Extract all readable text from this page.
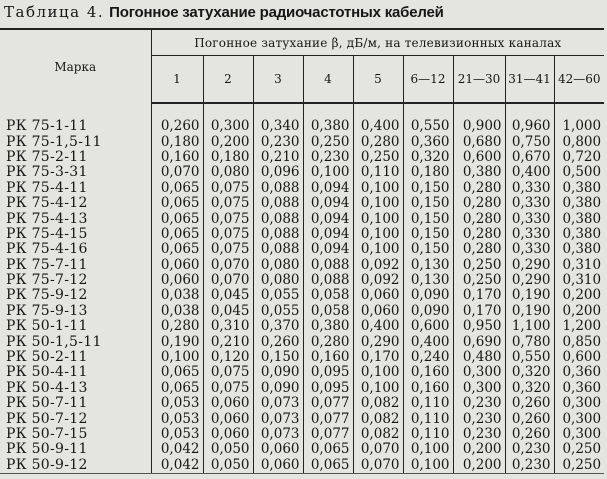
Таблица 4. Погонное затухание радиочастотных кабелей
Марка	Погонное затухание β, дБ/м, на телевизионных каналах								
	1	2	3	4	5	6—12	21—30	31—41	42—60

РК 75-1-11	0,260	0,300	0,340	0,380	0,400	0,550	0,900	0,960	1,000
РК 75-1,5-11	0,180	0,200	0,230	0,250	0,280	0,360	0,680	0,750	0,800
РК 75-2-11	0,160	0,180	0,210	0,230	0,250	0,320	0,600	0,670	0,720
РК 75-3-31	0,070	0,080	0,096	0,100	0,110	0,180	0,380	0,400	0,500
РК 75-4-11	0,065	0,075	0,088	0,094	0,100	0,150	0,280	0,330	0,380
РК 75-4-12	0,065	0,075	0,088	0,094	0,100	0,150	0,280	0,330	0,380
РК 75-4-13	0,065	0,075	0,088	0,094	0,100	0,150	0,280	0,330	0,380
РК 75-4-15	0,065	0,075	0,088	0,094	0,100	0,150	0,280	0,330	0,380
РК 75-4-16	0,065	0,075	0,088	0,094	0,100	0,150	0,280	0,330	0,380
РК 75-7-11	0,060	0,070	0,080	0,088	0,092	0,130	0,250	0,290	0,310
РК 75-7-12	0,060	0,070	0,080	0,088	0,092	0,130	0,250	0,290	0,310
РК 75-9-12	0,038	0,045	0,055	0,058	0,060	0,090	0,170	0,190	0,200
РК 75-9-13	0,038	0,045	0,055	0,058	0,060	0,090	0,170	0,190	0,200
РК 50-1-11	0,280	0,310	0,370	0,380	0,400	0,600	0,950	1,100	1,200
РК 50-1,5-11	0,190	0,210	0,260	0,280	0,290	0,400	0,690	0,780	0,850
РК 50-2-11	0,100	0,120	0,150	0,160	0,170	0,240	0,480	0,550	0,600
РК 50-4-11	0,065	0,075	0,090	0,095	0,100	0,160	0,300	0,320	0,360
РК 50-4-13	0,065	0,075	0,090	0,095	0,100	0,160	0,300	0,320	0,360
РК 50-7-11	0,053	0,060	0,073	0,077	0,082	0,110	0,230	0,260	0,300
РК 50-7-12	0,053	0,060	0,073	0,077	0,082	0,110	0,230	0,260	0,300
РК 50-7-15	0,053	0,060	0,073	0,077	0,082	0,110	0,230	0,260	0,300
РК 50-9-11	0,042	0,050	0,060	0,065	0,070	0,100	0,200	0,230	0,250
РК 50-9-12	0,042	0,050	0,060	0,065	0,070	0,100	0,200	0,230	0,250
